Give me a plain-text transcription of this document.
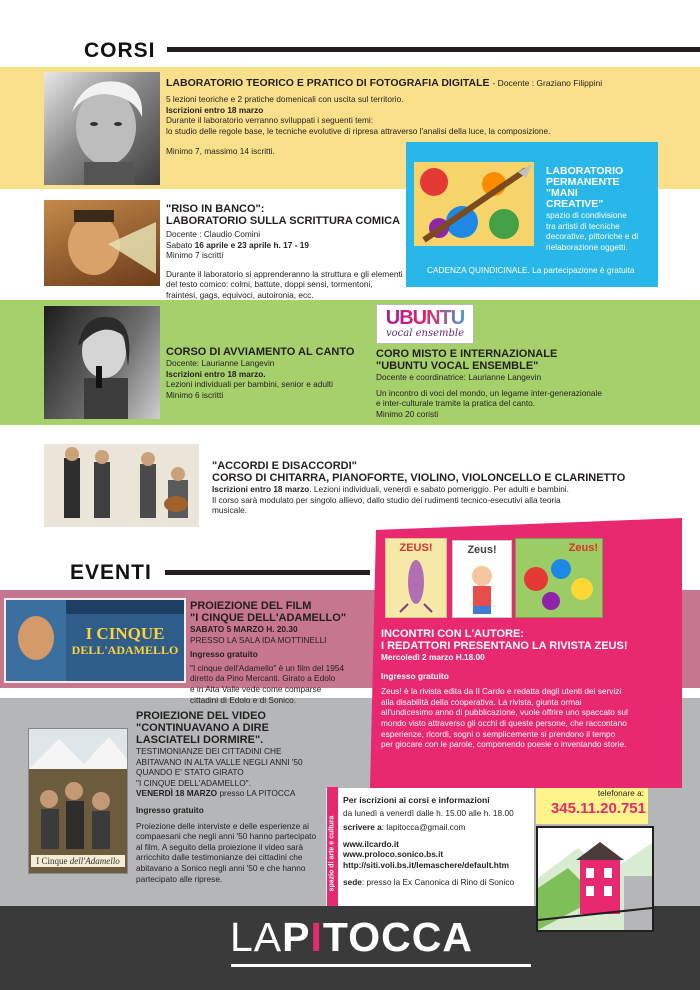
CORSI

LABORATORIO TEORICO E PRATICO DI FOTOGRAFIA DIGITALE - Docente : Graziano Filippini

5 lezioni teoriche e 2 pratiche domenicali con uscita sul territorio.

Iscrizioni entro 18 marzo

Durante il laboratorio verranno sviluppati i seguenti temi:

lo studio delle regole base, le tecniche evolutive di ripresa attraverso l'analisi della luce, la composizione.

Minimo 7, massimo 14 iscritti.

LABORATORIO

PERMANENTE

"MANI

CREATIVE"

spazio di condivisione

tra artisti di tecniche

decorative, pittoriche e di

rielaborazione oggetti.

CADENZA QUINDICINALE. La partecipazione è gratuita

"RISO IN BANCO":

LABORATORIO SULLA SCRITTURA COMICA

Docente : Claudio Comini

Sabato 16 aprile e 23 aprile h. 17 - 19

Minimo 7 iscritti

Durante il laboratorio si apprenderanno la struttura e gli elementi

del testo comico: colmi, battute, doppi sensi, tormentoni,

fraintesi, gags, equivoci, autoironia, ecc.

CORSO DI AVVIAMENTO AL CANTO

Docente: Laurianne Langevin

Iscrizioni entro 18 marzo.

Lezioni individuali per bambini, senior e adulti

Minimo 6 iscritti

UBUNTU
vocal ensemble

CORO MISTO E INTERNAZIONALE

"UBUNTU VOCAL ENSEMBLE"

Docente e coordinatrice: Laurianne Langevin

Un incontro di voci del mondo, un legame inter-generazionale

e inter-culturale tramite la pratica del canto.

Minimo 20 coristi

"ACCORDI E DISACCORDI"

CORSO DI CHITARRA, PIANOFORTE, VIOLINO, VIOLONCELLO E CLARINETTO

Iscrizioni entro 18 marzo. Lezioni individuali, venerdì e sabato pomeriggio. Per adulti e bambini.

Il corso sarà modulato per singolo allievo, dallo studio dei rudimenti tecnico-esecutivi alla teoria

musicale.

EVENTI
I CINQUE
DELL'ADAMELLO

PROIEZIONE DEL FILM

"I CINQUE DELL'ADAMELLO"

SABATO 5 MARZO H. 20.30

PRESSO LA SALA IDA MOTTINELLI

Ingresso gratuito

"I cinque dell'Adamello" è un film del 1954

diretto da Pino Mercanti. Girato a Edolo

e in Alta Valle vede come comparse

cittadini di Edolo e di Sonico.

ZEUS!	Zeus!	Zeus!

INCONTRI CON L'AUTORE:

I REDATTORI PRESENTANO LA RIVISTA ZEUS!

Mercoledì 2 marzo H.18.00

Ingresso gratuito

Zeus! è la rivista edita da Il Cardo e redatta dagli utenti dei servizi

alla disabilità della cooperativa. La rivista, giunta ormai

all'undicesimo anno di pubblicazione, vuole offrire uno spaccato sul

mondo visto attraverso gli occhi di queste persone, che raccontano

esperienze, ricordi, sogni o semplicemente si prendono il tempo

per giocare con le parole, componendo poesie o inventando storie.

I Cinque dell'Adamello

PROIEZIONE DEL VIDEO

"CONTINUAVANO A DIRE

LASCIATELI DORMIRE".

TESTIMONIANZE DEI CITTADINI CHE

ABITAVANO IN ALTA VALLE NEGLI ANNI '50

QUANDO E' STATO GIRATO

"I CINQUE DELL'ADAMELLO".

VENERDÌ 18 MARZO presso LA PITOCCA

Ingresso gratuito

Proiezione delle interviste e delle esperienze ai

compaesani che negli anni '50 hanno partecipato

al film. A seguito della proiezione il video sarà

arricchito dalle testimonianze dei cittadini che

abitavano a Sonico negli anni '50 e che hanno

partecipato alle riprese.	spazio di arte e cultura

Per iscrizioni ai corsi e informazioni

da lunedì a venerdì dalle h. 15.00 alle h. 18.00

scrivere a: lapitocca@gmail.com

www.ilcardo.it

www.proloco.sonico.bs.it

http://siti.voli.bs.it/lemaschere/default.htm

sede: presso la Ex Canonica di Rino di Sonico

telefonare a:
345.11.20.751
LAPITOCCA
